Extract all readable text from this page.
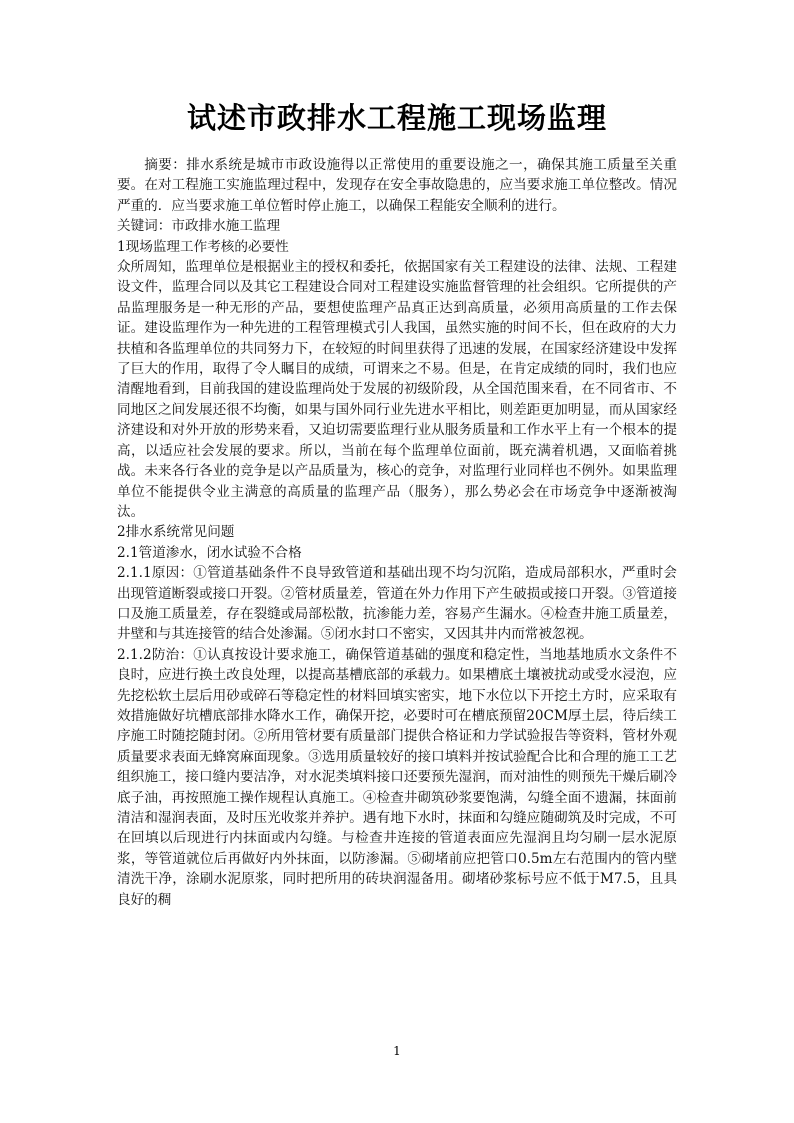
试述市政排水工程施工现场监理

摘要：排水系统是城市市政设施得以正常使用的重要设施之一，确保其施工质量至关重要。在对工程施工实施监理过程中，发现存在安全事故隐患的，应当要求施工单位整改。情况严重的．应当要求施工单位暂时停止施工，以确保工程能安全顺利的进行。

关键词：市政排水施工监理

1现场监理工作考核的必要性

众所周知，监理单位是根据业主的授权和委托，依据国家有关工程建设的法律、法规、工程建设文件，监理合同以及其它工程建设合同对工程建设实施监督管理的社会组织。它所提供的产品监理服务是一种无形的产品，要想使监理产品真正达到高质量，必须用高质量的工作去保证。建设监理作为一种先进的工程管理模式引人我国，虽然实施的时间不长，但在政府的大力扶植和各监理单位的共同努力下，在较短的时间里获得了迅速的发展，在国家经济建设中发挥了巨大的作用，取得了令人瞩目的成绩，可谓来之不易。但是，在肯定成绩的同时，我们也应清醒地看到，目前我国的建设监理尚处于发展的初级阶段，从全国范围来看，在不同省市、不同地区之间发展还很不均衡，如果与国外同行业先进水平相比，则差距更加明显，而从国家经济建设和对外开放的形势来看，又迫切需要监理行业从服务质量和工作水平上有一个根本的提高，以适应社会发展的要求。所以，当前在每个监理单位面前，既充满着机遇，又面临着挑战。未来各行各业的竞争是以产品质量为，核心的竞争，对监理行业同样也不例外。如果监理单位不能提供令业主满意的高质量的监理产品（服务），那么势必会在市场竞争中逐渐被淘汰。

2排水系统常见问题

2.1管道渗水，闭水试验不合格

2.1.1原因：①管道基础条件不良导致管道和基础出现不均匀沉陷，造成局部积水，严重时会出现管道断裂或接口开裂。②管材质量差，管道在外力作用下产生破损或接口开裂。③管道接口及施工质量差，存在裂缝或局部松散，抗渗能力差，容易产生漏水。④检查井施工质量差，井壁和与其连接管的结合处渗漏。⑤闭水封口不密实，又因其井内而常被忽视。

2.1.2防治：①认真按设计要求施工，确保管道基础的强度和稳定性，当地基地质水文条件不良时，应进行换土改良处理，以提高基槽底部的承载力。如果槽底土壤被扰动或受水浸泡，应先挖松软土层后用砂或碎石等稳定性的材料回填实密实，地下水位以下开挖土方时，应采取有效措施做好坑槽底部排水降水工作，确保开挖，必要时可在槽底预留20CM厚土层，待后续工序施工时随挖随封闭。②所用管材要有质量部门提供合格证和力学试验报告等资料，管材外观质量要求表面无蜂窝麻面现象。③选用质量较好的接口填料并按试验配合比和合理的施工工艺组织施工，接口缝内要洁净，对水泥类填料接口还要预先湿润，而对油性的则预先干燥后刷冷底子油，再按照施工操作规程认真施工。④检查井砌筑砂浆要饱满，勾缝全面不遗漏，抹面前清洁和湿润表面，及时压光收浆并养护。遇有地下水时，抹面和勾缝应随砌筑及时完成，不可在回填以后现进行内抹面或内勾缝。与检查井连接的管道表面应先湿润且均匀刷一层水泥原浆，等管道就位后再做好内外抹面，以防渗漏。⑤砌堵前应把管口0.5m左右范围内的管内壁清洗干净，涂刷水泥原浆，同时把所用的砖块润湿备用。砌堵砂浆标号应不低于M7.5，且具良好的稠

1
